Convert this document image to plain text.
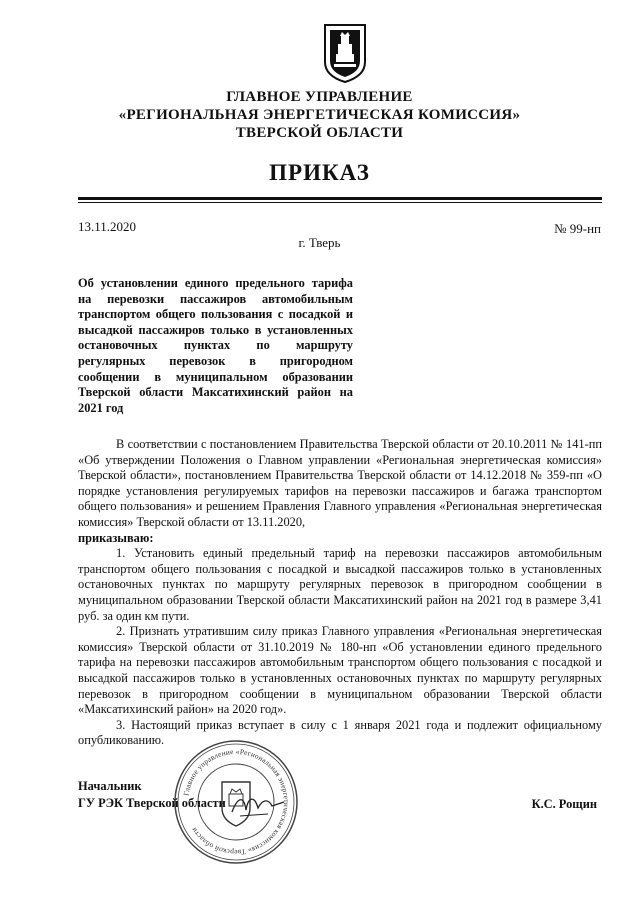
ГЛАВНОЕ УПРАВЛЕНИЕ
«РЕГИОНАЛЬНАЯ ЭНЕРГЕТИЧЕСКАЯ КОМИССИЯ»
ТВЕРСКОЙ ОБЛАСТИ
ПРИКАЗ
13.11.2020	№ 99-нп
г. Тверь
Об установлении единого предельного тарифа на перевозки пассажиров автомобильным транспортом общего пользования с посадкой и высадкой пассажиров только в установленных остановочных пунктах по маршруту регулярных перевозок в пригородном сообщении в муниципальном образовании Тверской области Максатихинский район на 2021 год

В соответствии с постановлением Правительства Тверской области от 20.10.2011 № 141-пп «Об утверждении Положения о Главном управлении «Региональная энергетическая комиссия» Тверской области», постановлением Правительства Тверской области от 14.12.2018 № 359-пп «О порядке установления регулируемых тарифов на перевозки пассажиров и багажа транспортом общего пользования» и решением Правления Главного управления «Региональная энергетическая комиссия» Тверской области от 13.11.2020,

приказываю:

1. Установить единый предельный тариф на перевозки пассажиров автомобильным транспортом общего пользования с посадкой и высадкой пассажиров только в установленных остановочных пунктах по маршруту регулярных перевозок в пригородном сообщении в муниципальном образовании Тверской области Максатихинский район на 2021 год в размере 3,41 руб. за один км пути.

2. Признать утратившим силу приказ Главного управления «Региональная энергетическая комиссия» Тверской области от 31.10.2019 № 180-нп «Об установлении единого предельного тарифа на перевозки пассажиров автомобильным транспортом общего пользования с посадкой и высадкой пассажиров только в установленных остановочных пунктах по маршруту регулярных перевозок в пригородном сообщении в муниципальном образовании Тверской области «Максатихинский район» на 2020 год».

3. Настоящий приказ вступает в силу с 1 января 2021 года и подлежит официальному опубликованию.

Главное управление «Региональная энергетическая комиссия» Тверской области
Начальник
ГУ РЭК Тверской области	К.С. Рощин
